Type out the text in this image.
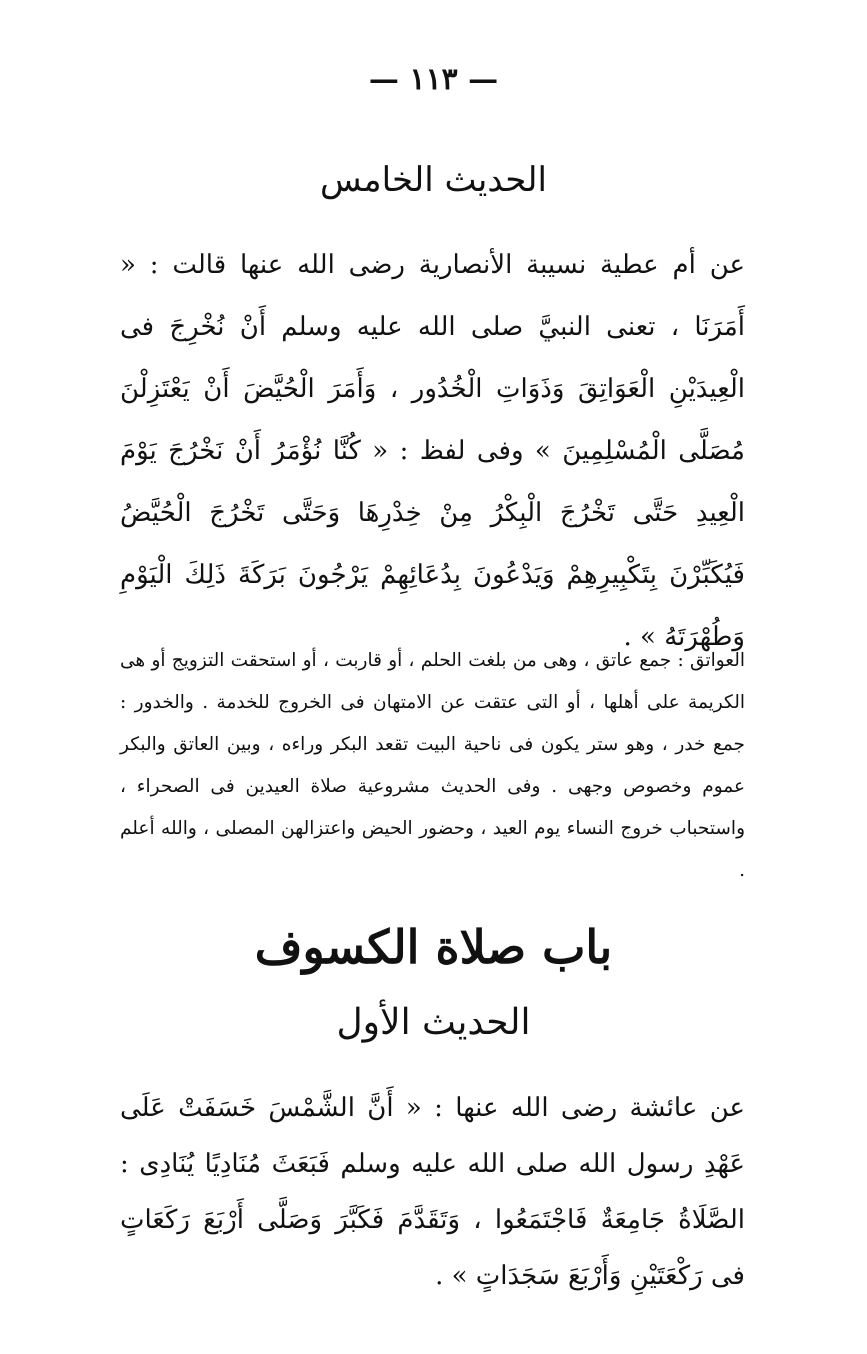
— ١١٣ —
الحديث الخامس
عن أم عطية نسيبة الأنصارية رضى الله عنها قالت : « أَمَرَنَا ، تعنى النبيَّ صلى الله عليه وسلم أَنْ نُخْرِجَ فى الْعِيدَيْنِ الْعَوَاتِقَ وَذَوَاتِ الْخُدُور ، وَأَمَرَ الْحُيَّضَ أَنْ يَعْتَزِلْنَ مُصَلَّى الْمُسْلِمِينَ » وفى لفظ : « كُنَّا نُؤْمَرُ أَنْ نَخْرُجَ يَوْمَ الْعِيدِ حَتَّى تَخْرُجَ الْبِكْرُ مِنْ خِدْرِهَا وَحَتَّى تَخْرُجَ الْحُيَّضُ فَيُكَبِّرْنَ بِتَكْبِيرِهِمْ وَيَدْعُونَ بِدُعَائِهِمْ يَرْجُونَ بَرَكَةَ ذَلِكَ الْيَوْمِ وَطُهْرَتَهُ » .
العواتق : جمع عاتق ، وهى من بلغت الحلم ، أو قاربت ، أو استحقت التزويج أو هى الكريمة على أهلها ، أو التى عتقت عن الامتهان فى الخروج للخدمة . والخدور : جمع خدر ، وهو ستر يكون فى ناحية البيت تقعد البكر وراءه ، وبين العاتق والبكر عموم وخصوص وجهى . وفى الحديث مشروعية صلاة العيدين فى الصحراء ، واستحباب خروج النساء يوم العيد ، وحضور الحيض واعتزالهن المصلى ، والله أعلم .
باب صلاة الكسوف
الحديث الأول
عن عائشة رضى الله عنها : « أَنَّ الشَّمْسَ خَسَفَتْ عَلَى عَهْدِ رسول الله صلى الله عليه وسلم فَبَعَثَ مُنَادِيًا يُنَادِى : الصَّلَاةُ جَامِعَةٌ فَاجْتَمَعُوا ، وَتَقَدَّمَ فَكَبَّرَ وَصَلَّى أَرْبَعَ رَكَعَاتٍ فى رَكْعَتَيْنِ وَأَرْبَعَ سَجَدَاتٍ » .
